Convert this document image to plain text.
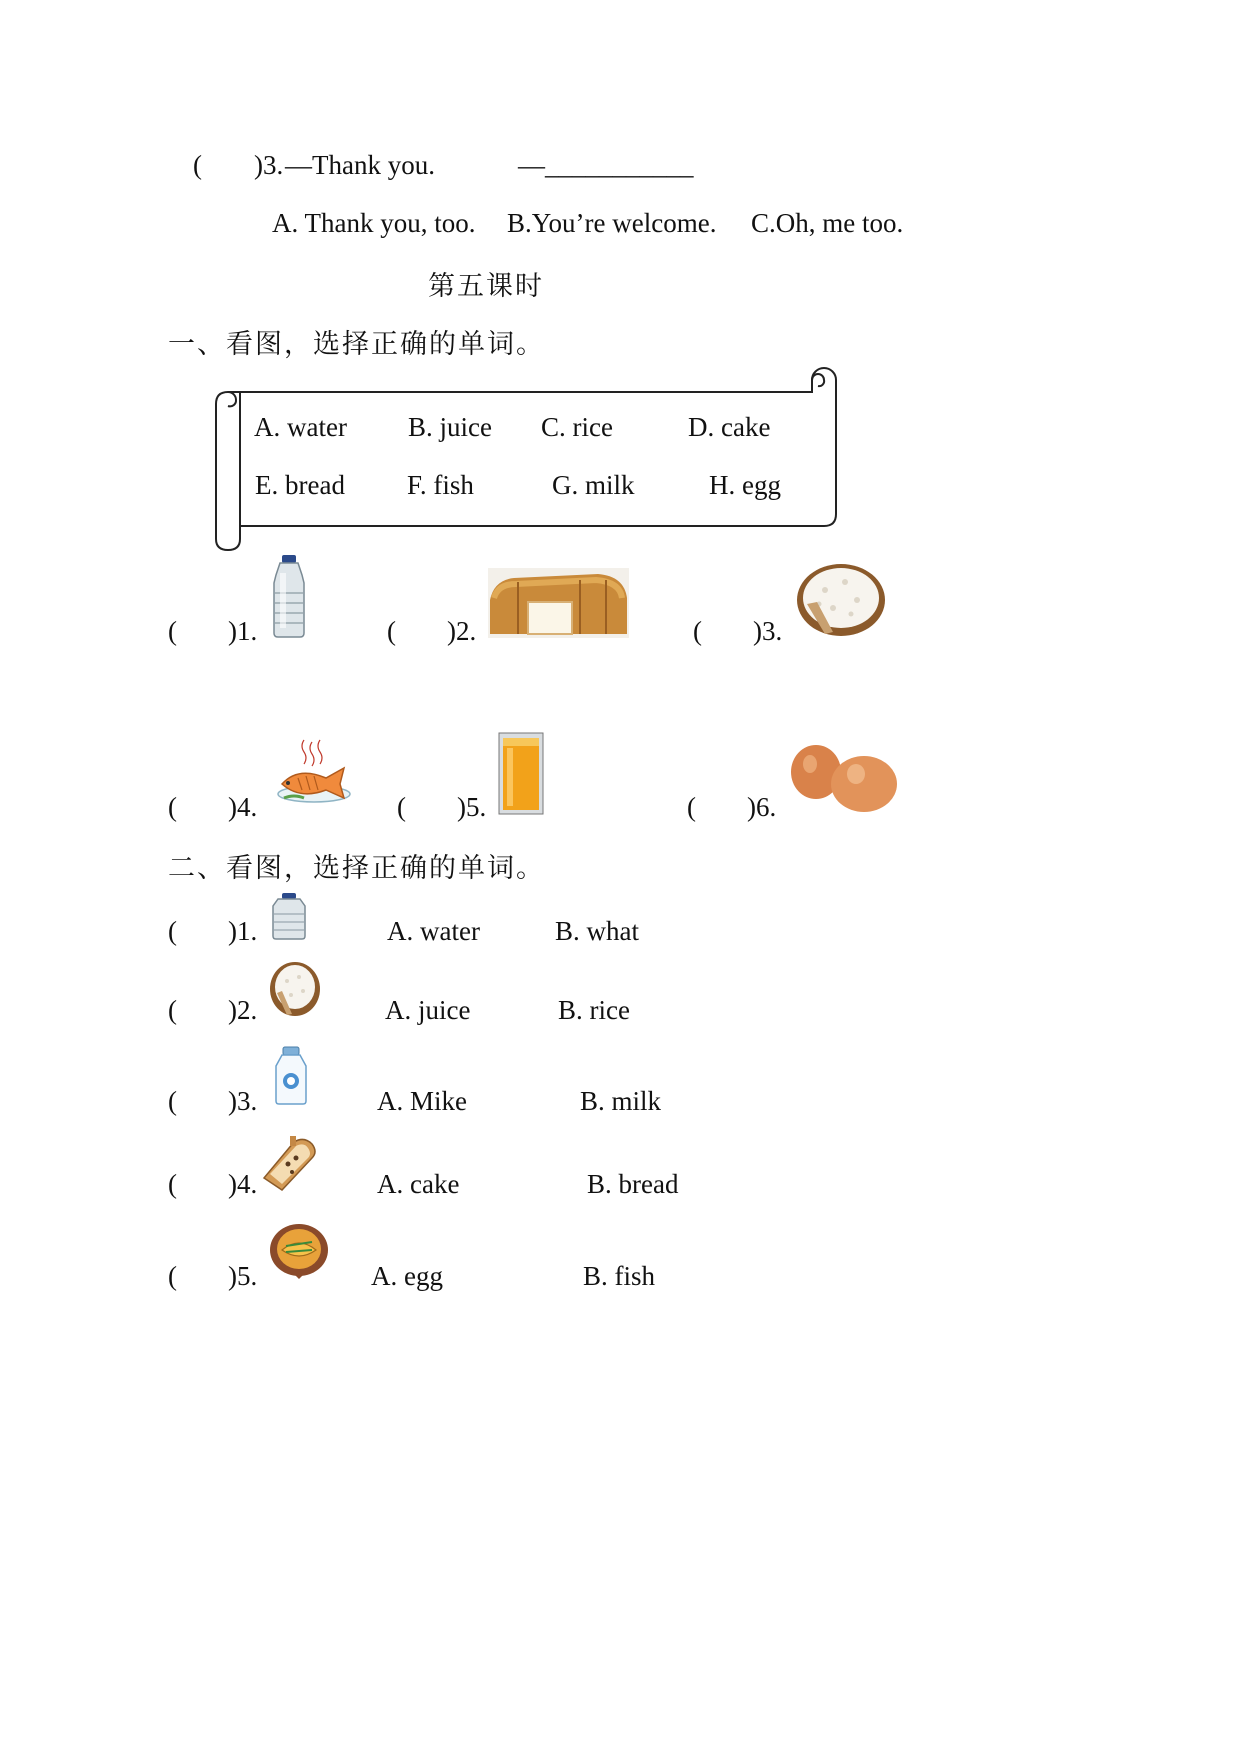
( )3. —Thank you.	—___________
A. Thank you, too. B.You’re welcome. C.Oh, me too.
第五课时
一、看图，选择正确的单词。
A. water B. juice C. rice	D. cake
E. bread F. fish	G. milk	H. egg
( )1.	( )2.	( )3.
( )4.	( )5.	( )6.
二、看图，选择正确的单词。
( )1.	A. water	B. what
( )2.	A. juice	B. rice
( )3.	A. Mike	B. milk
( )4.	A. cake	B. bread
( )5.	A. egg	B. fish
